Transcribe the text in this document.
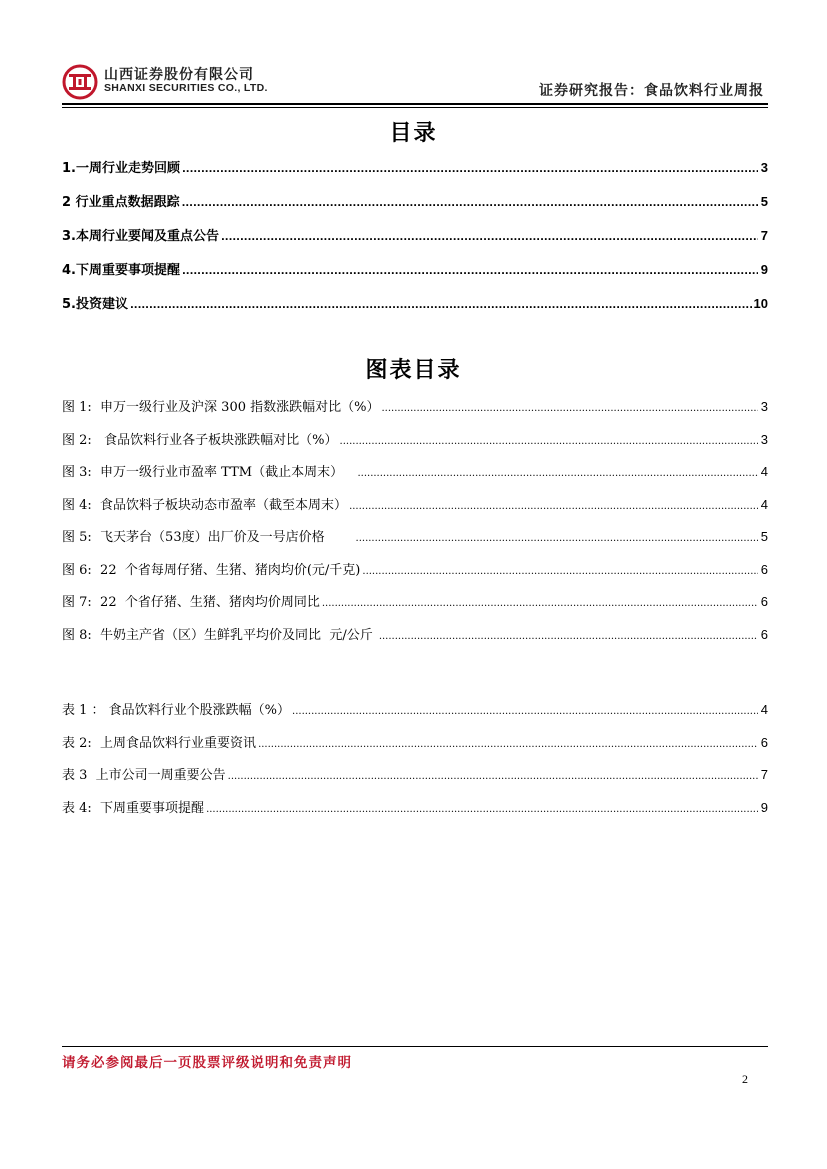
山西证券股份有限公司
SHANXI SECURITIES CO., LTD.	证券研究报告：食品饮料行业周报
目录
1.一周行业走势回顾 .....	3
2 行业重点数据跟踪 .....	5
3.本周行业要闻及重点公告 .....	7
4.下周重要事项提醒 .....	9
5.投资建议 .....	10
图表目录
图 1:  申万一级行业及沪深 300 指数涨跌幅对比（%） .....	3
图 2:   食品饮料行业各子板块涨跌幅对比（%） .....	3
图 3:  申万一级行业市盈率 TTM（截止本周末） .....	4
图 4:  食品饮料子板块动态市盈率（截至本周末） .....	4
图 5:  飞天茅台（53度）出厂价及一号店价格 .....	5
图 6:  22  个省每周仔猪、生猪、猪肉均价(元/千克) .....	6
图 7:  22  个省仔猪、生猪、猪肉均价周同比 .....	6
图 8:  牛奶主产省（区）生鲜乳平均价及同比  元/公斤 .....	6
表 1 ： 食品饮料行业个股涨跌幅（%） .....	4
表 2:  上周食品饮料行业重要资讯 .....	6
表 3  上市公司一周重要公告 .....	7
表 4:  下周重要事项提醒 .....	9
请务必参阅最后一页股票评级说明和免责声明
2
